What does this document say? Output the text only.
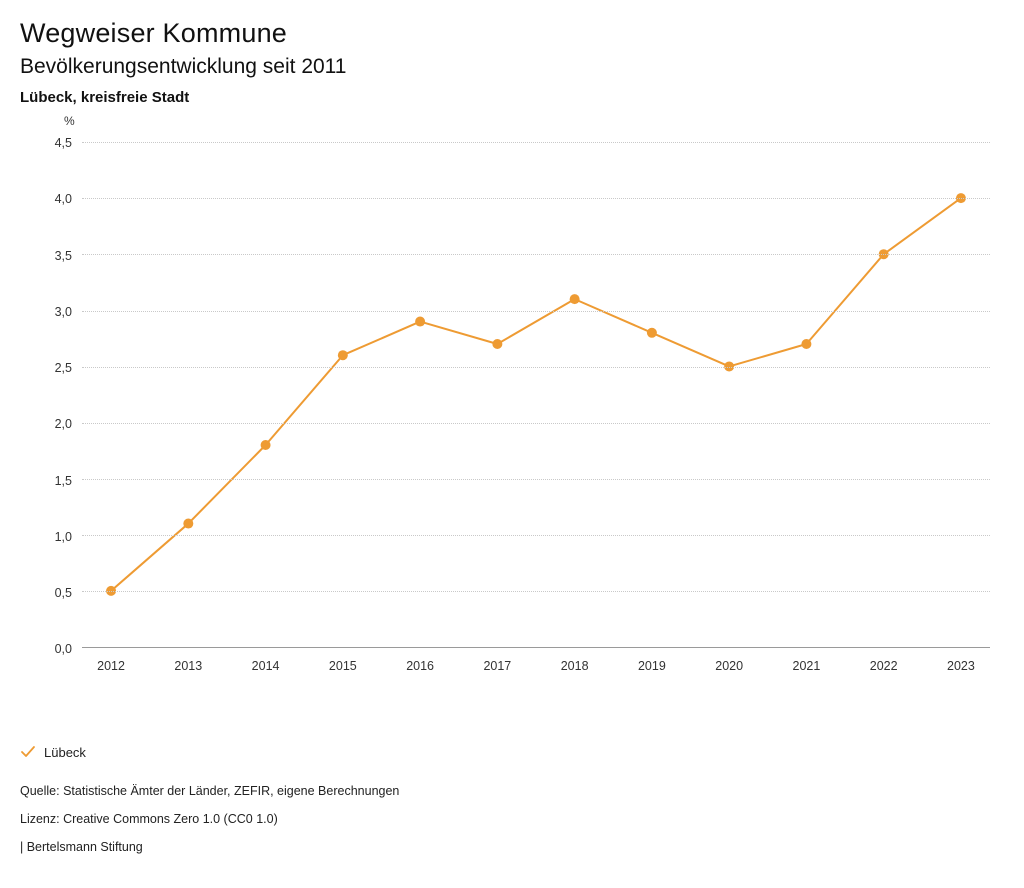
Wegweiser Kommune
Bevölkerungsentwicklung seit 2011
Lübeck, kreisfreie Stadt
%
0,0
0,5
1,0
1,5
2,0
2,5
3,0
3,5
4,0
4,5
2012	2013	2014	2015	2016	2017	2018	2019	2020	2021	2022	2023
Lübeck
Quelle: Statistische Ämter der Länder, ZEFIR, eigene Berechnungen
Lizenz: Creative Commons Zero 1.0 (CC0 1.0)
| Bertelsmann Stiftung
